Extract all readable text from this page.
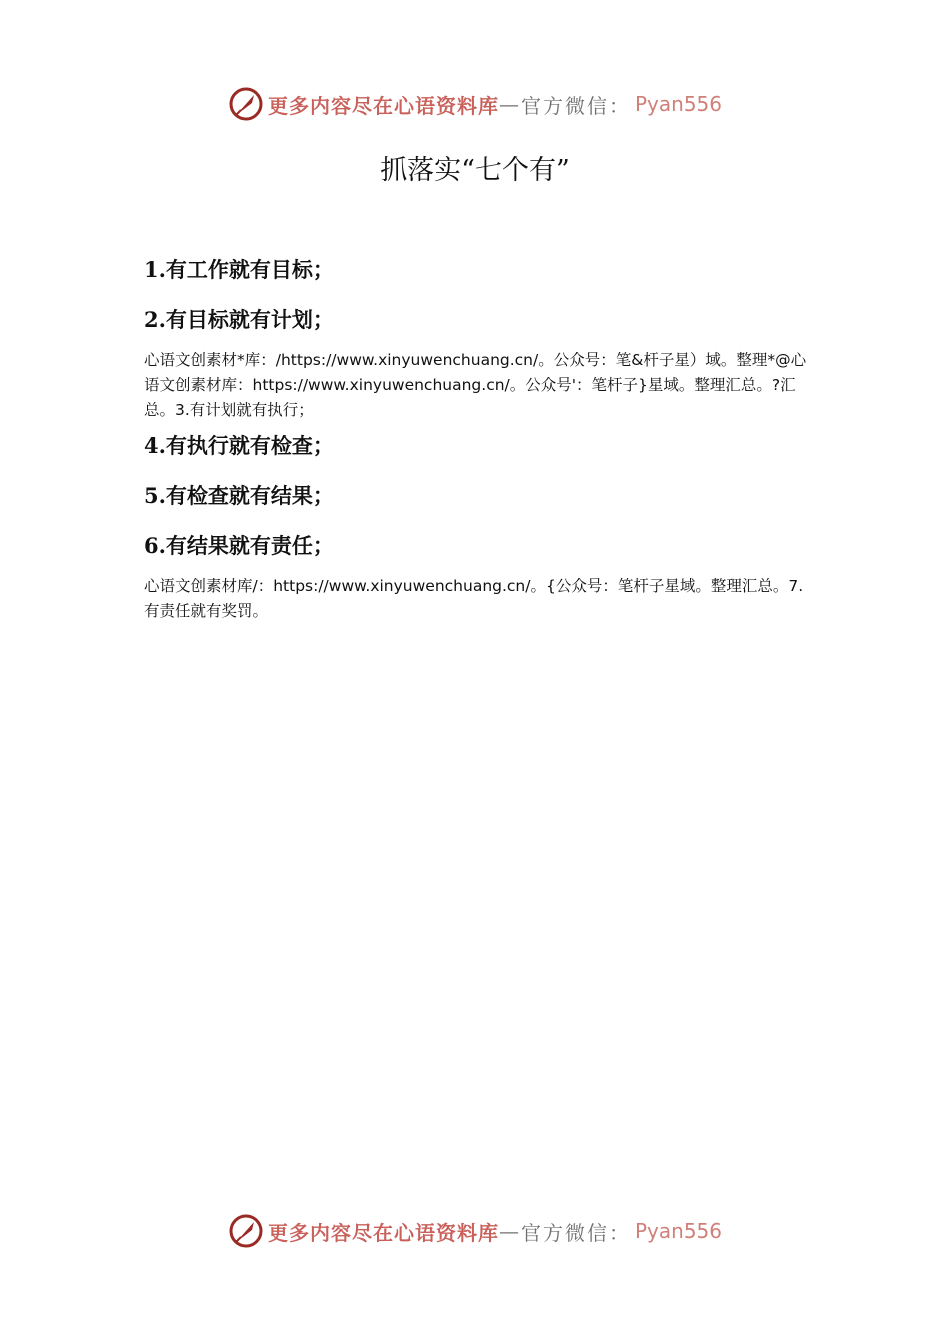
更多内容尽在心语资料库 — 官方微信： Pyan556
抓落实“七个有”
1.有工作就有目标；
2.有目标就有计划；

心语文创素材*库：/https://www.xinyuwenchuang.cn/。公众号：笔&杆子星）域。整理*@心语文创素材库：https://www.xinyuwenchuang.cn/。公众号'：笔杆子}星域。整理汇总。?汇总。3.有计划就有执行；

4.有执行就有检查；
5.有检查就有结果；
6.有结果就有责任；

心语文创素材库/：https://www.xinyuwenchuang.cn/。{公众号：笔杆子星域。整理汇总。7.有责任就有奖罚。

更多内容尽在心语资料库 — 官方微信： Pyan556
